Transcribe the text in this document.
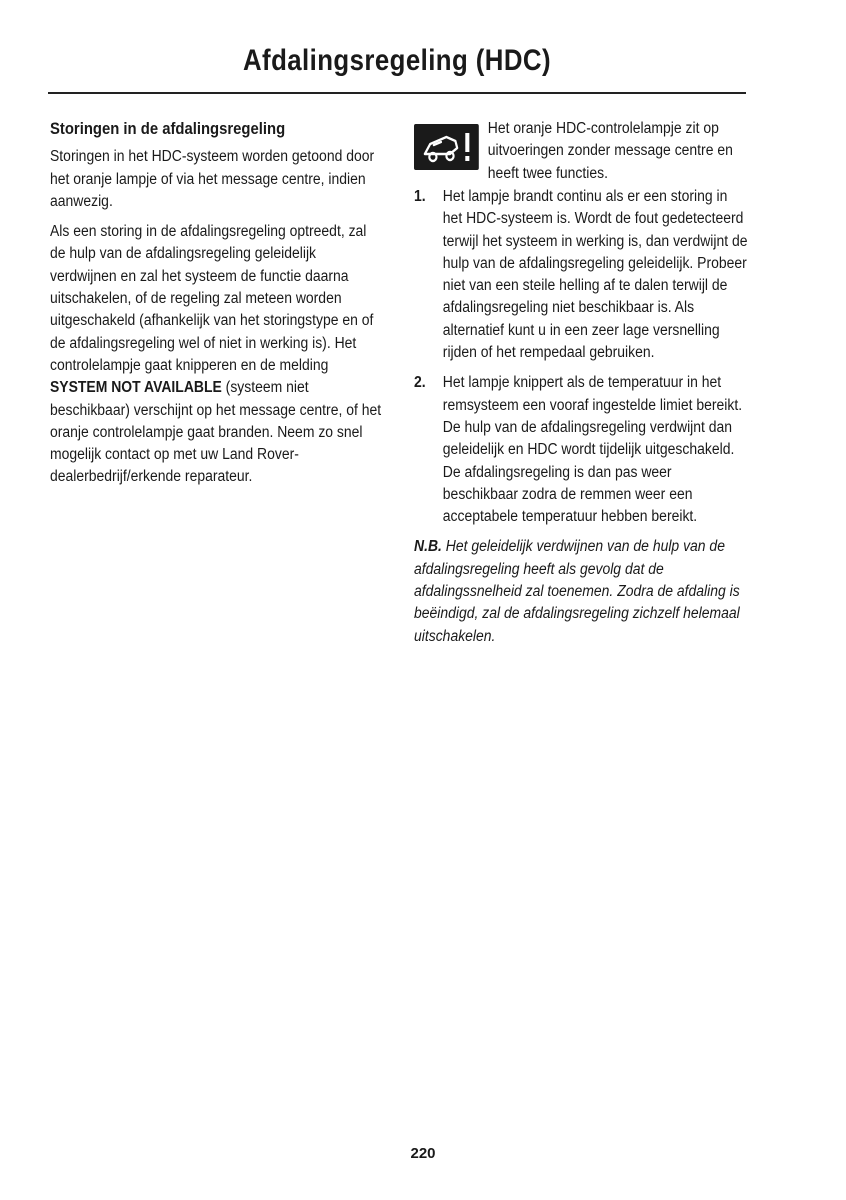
Afdalingsregeling (HDC)
Storingen in de afdalingsregeling

Storingen in het HDC-systeem worden getoond door het oranje lampje of via het message centre, indien aanwezig.

Als een storing in de afdalingsregeling optreedt, zal de hulp van de afdalingsregeling geleidelijk verdwijnen en zal het systeem de functie daarna uitschakelen, of de regeling zal meteen worden uitgeschakeld (afhankelijk van het storingstype en of de afdalingsregeling wel of niet in werking is). Het controlelampje gaat knipperen en de melding SYSTEM NOT AVAILABLE (systeem niet beschikbaar) verschijnt op het message centre, of het oranje controlelampje gaat branden. Neem zo snel mogelijk contact op met uw Land Rover-dealerbedrijf/erkende reparateur.

Het oranje HDC-controlelampje zit op uitvoeringen zonder message centre en heeft twee functies.
1. Het lampje brandt continu als er een storing in het HDC-systeem is. Wordt de fout gedetecteerd terwijl het systeem in werking is, dan verdwijnt de hulp van de afdalingsregeling geleidelijk. Probeer niet van een steile helling af te dalen terwijl de afdalingsregeling niet beschikbaar is. Als alternatief kunt u in een zeer lage versnelling rijden of het rempedaal gebruiken.
2. Het lampje knippert als de temperatuur in het remsysteem een vooraf ingestelde limiet bereikt. De hulp van de afdalingsregeling verdwijnt dan geleidelijk en HDC wordt tijdelijk uitgeschakeld. De afdalingsregeling is dan pas weer beschikbaar zodra de remmen weer een acceptabele temperatuur hebben bereikt.

N.B. Het geleidelijk verdwijnen van de hulp van de afdalingsregeling heeft als gevolg dat de afdalingssnelheid zal toenemen. Zodra de afdaling is beëindigd, zal de afdalingsregeling zichzelf helemaal uitschakelen.

220
